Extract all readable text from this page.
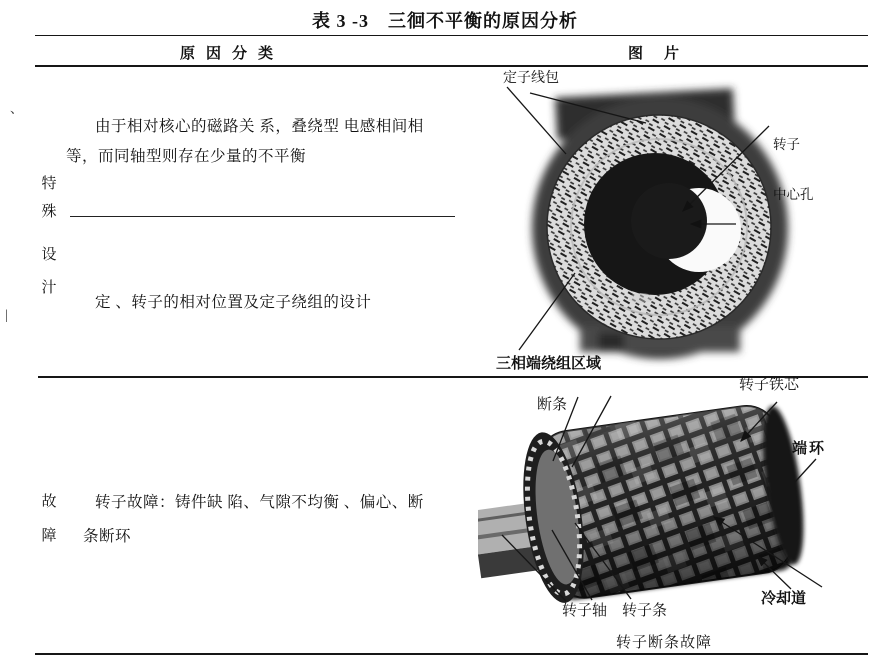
表 3 -3　三徊不平衡的原因分析
原因分类	图片
、
|
特
殊
设
汁
由于相对核心的磁路关 系，叠绕型 电感相间相
等，而同轴型则存在少量的不平衡
定 、转子的相对位置及定子绕组的设计
定子线包

转子

中心孔

三相端绕组区域
故
障
转子故障：铸件缺 陷、气隙不均衡 、偏心、断
条断环
断条
转子铁芯
端环
冷却道
转子轴 转子条
转子断条故障
